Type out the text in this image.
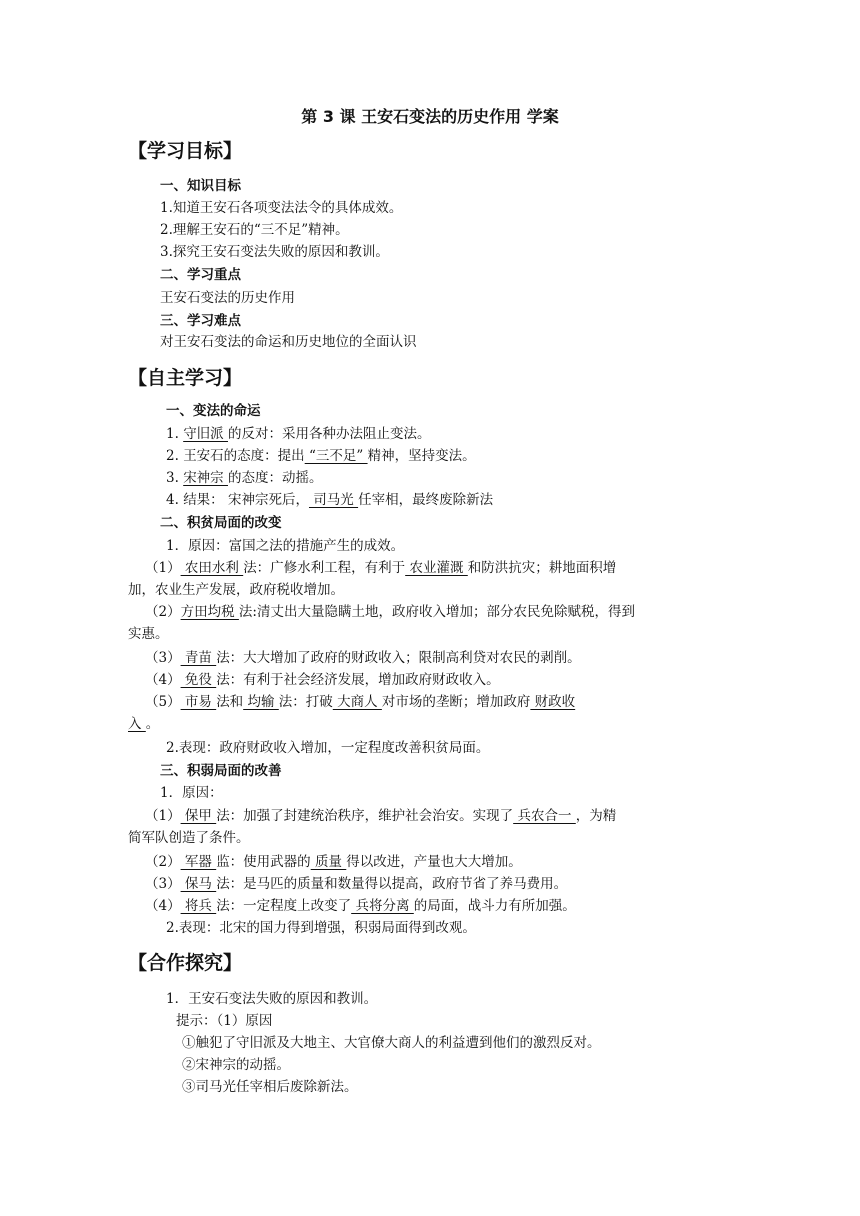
第 3 课 王安石变法的历史作用 学案
【学习目标】
一、知识目标
1.知道王安石各项变法法令的具体成效。
2.理解王安石的“三不足”精神。
3.探究王安石变法失败的原因和教训。
二、学习重点
王安石变法的历史作用
三、学习难点
对王安石变法的命运和历史地位的全面认识
【自主学习】
一、变法的命运
1. 守旧派 的反对：采用各种办法阻止变法。
2. 王安石的态度：提出 “三不足” 精神，坚持变法。
3. 宋神宗 的态度：动摇。
4. 结果： 宋神宗死后， 司马光 任宰相，最终废除新法
二、积贫局面的改变
1．原因：富国之法的措施产生的成效。
（1） 农田水利 法：广修水利工程，有利于 农业灌溉 和防洪抗灾；耕地面积增
加，农业生产发展，政府税收增加。
（2）方田均税 法:清丈出大量隐瞒土地，政府收入增加；部分农民免除赋税，得到
实惠。
（3） 青苗 法：大大增加了政府的财政收入；限制高利贷对农民的剥削。
（4） 免役 法：有利于社会经济发展，增加政府财政收入。
（5） 市易 法和 均输 法：打破 大商人 对市场的垄断；增加政府 财政收
入 。
2.表现：政府财政收入增加，一定程度改善积贫局面。
三、积弱局面的改善
1．原因：
（1） 保甲 法：加强了封建统治秩序，维护社会治安。实现了 兵农合一 ，为精
简军队创造了条件。
（2） 军器 监：使用武器的 质量 得以改进，产量也大大增加。
（3） 保马 法：是马匹的质量和数量得以提高，政府节省了养马费用。
（4） 将兵 法：一定程度上改变了 兵将分离 的局面，战斗力有所加强。
2.表现：北宋的国力得到增强，积弱局面得到改观。
【合作探究】
1．王安石变法失败的原因和教训。
提示：（1）原因
①触犯了守旧派及大地主、大官僚大商人的利益遭到他们的激烈反对。
②宋神宗的动摇。
③司马光任宰相后废除新法。
